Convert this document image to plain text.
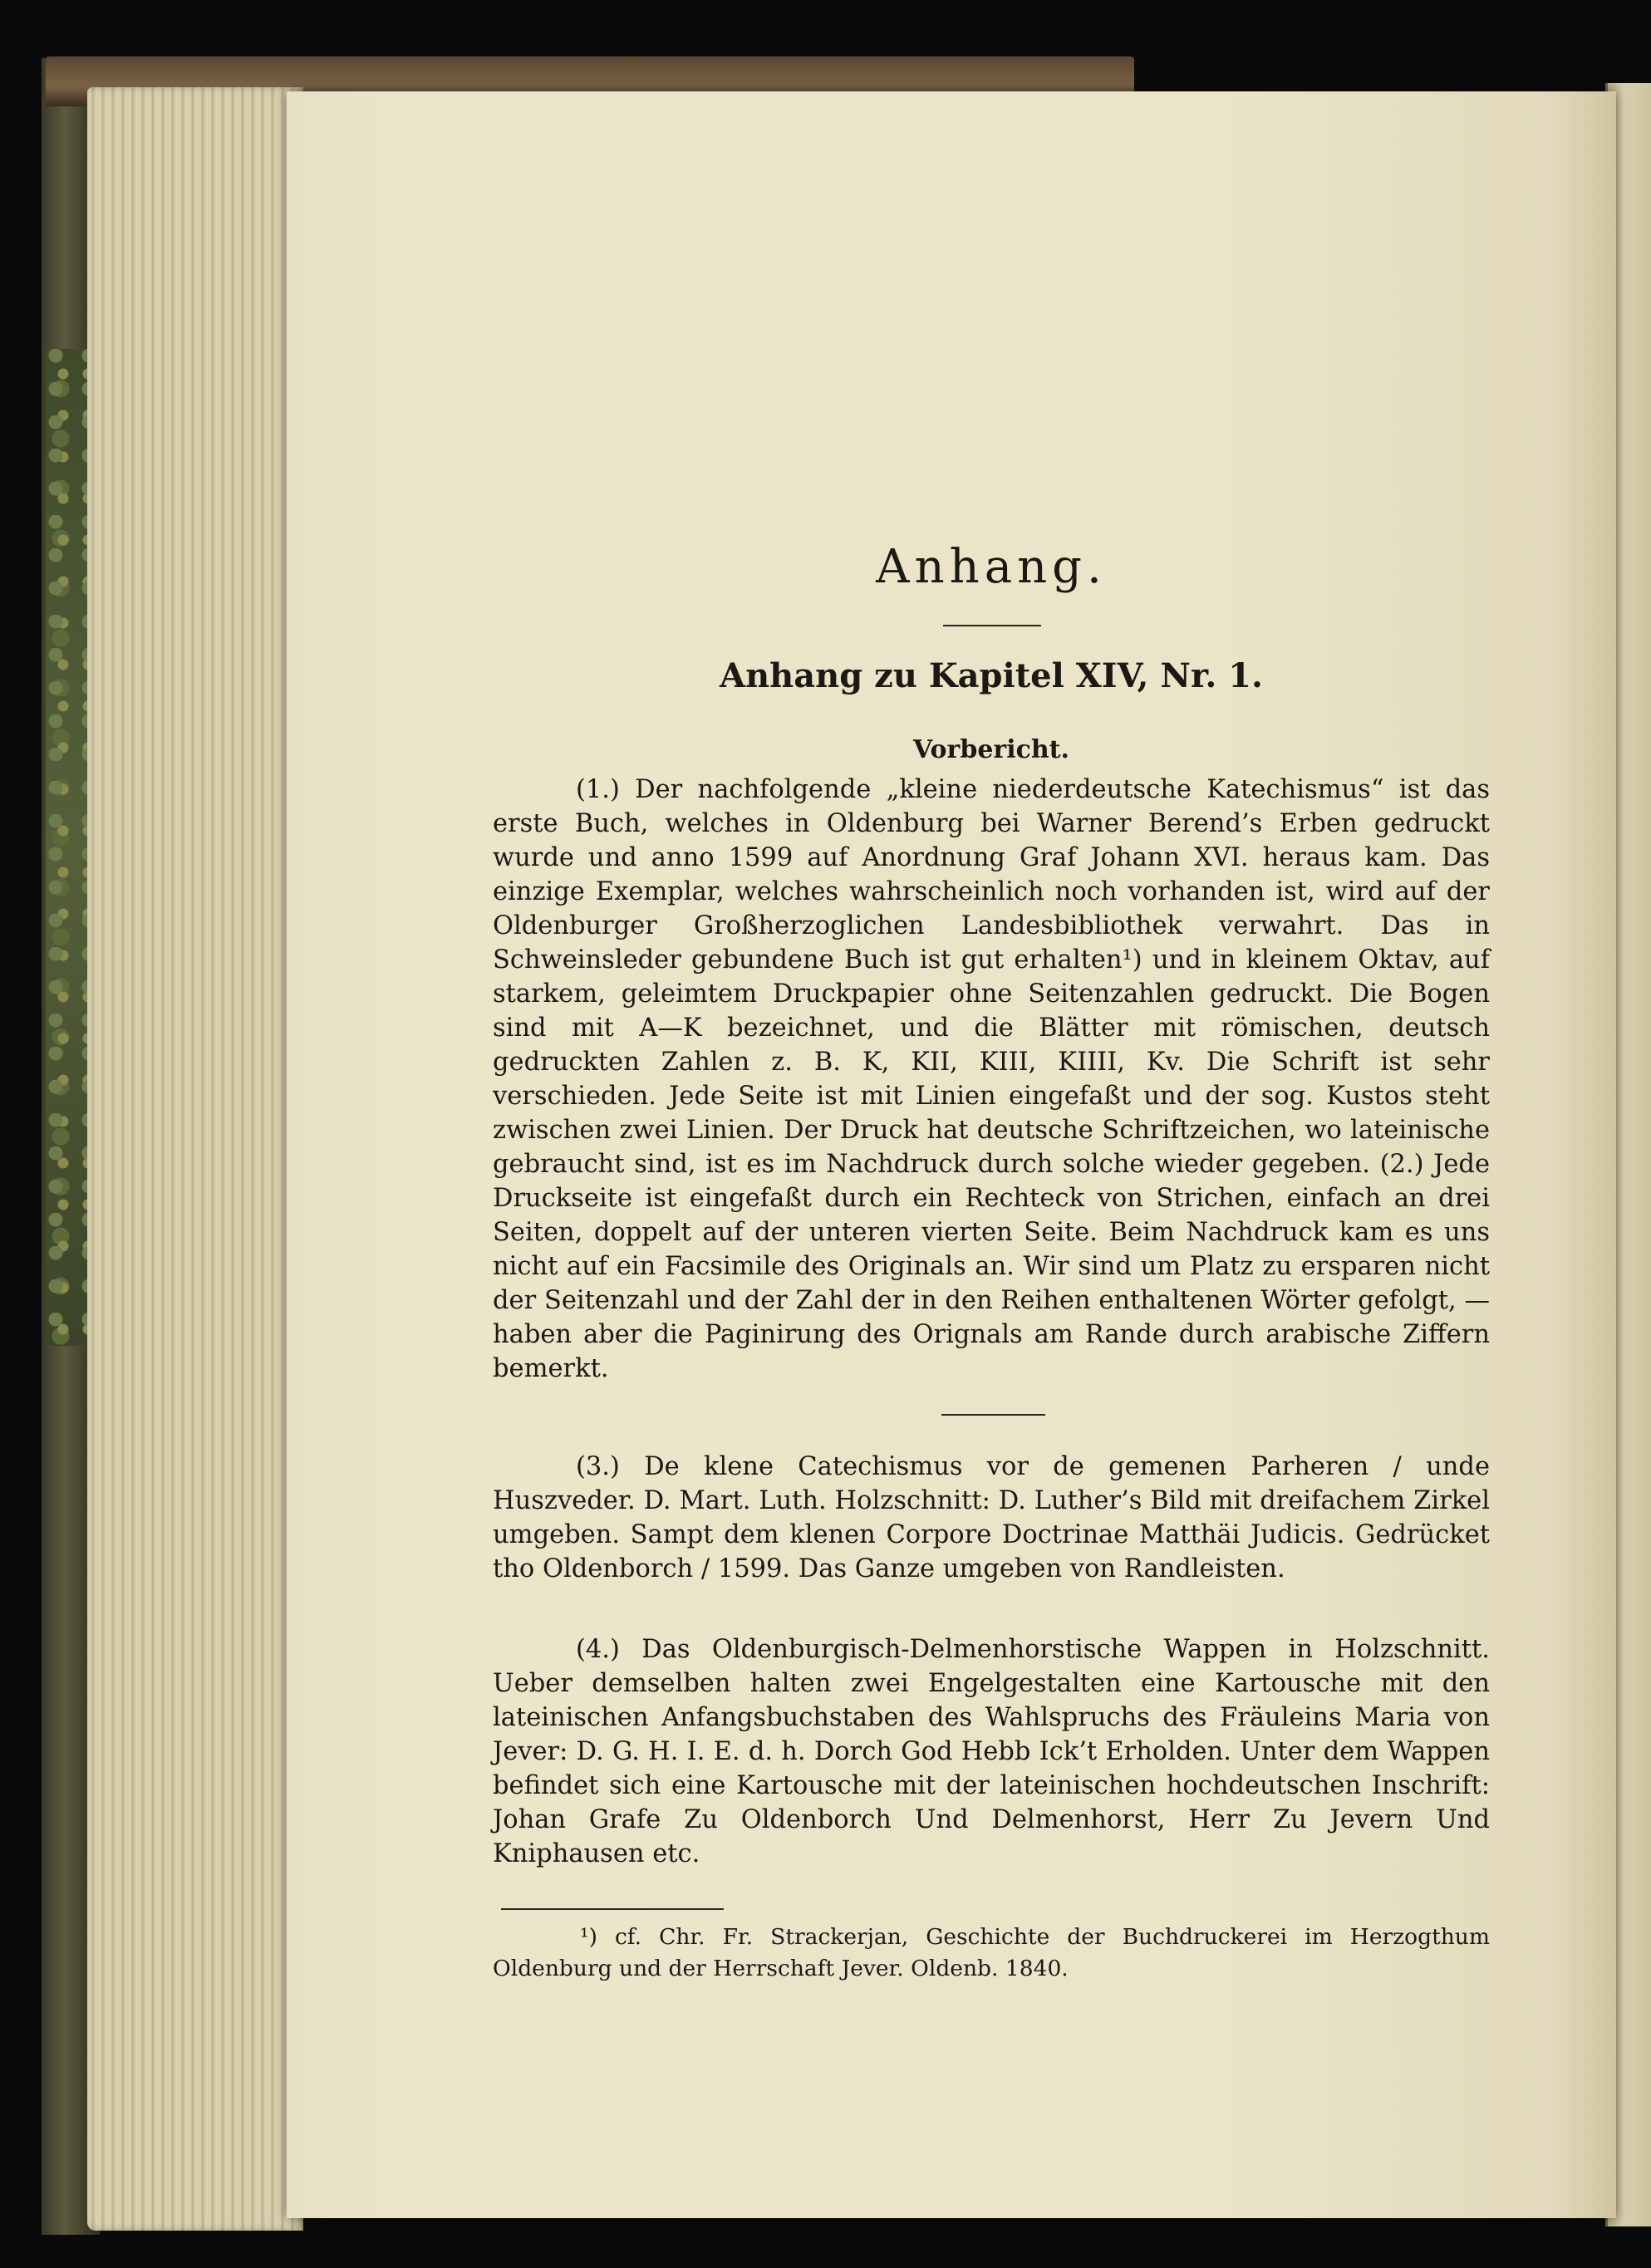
Anhang.
Anhang zu Kapitel XIV, Nr. 1.
Vorbericht.
(1.) Der nachfolgende „kleine niederdeutsche Katechismus“ ist das erste Buch, welches in Oldenburg bei Warner Berend’s Erben gedruckt wurde und anno 1599 auf Anordnung Graf Johann XVI. heraus kam. Das einzige Exemplar, welches wahrscheinlich noch vorhanden ist, wird auf der Oldenburger Großherzoglichen Landesbibliothek verwahrt. Das in Schweinsleder gebundene Buch ist gut erhalten¹) und in kleinem Oktav, auf starkem, geleimtem Druckpapier ohne Seitenzahlen gedruckt. Die Bogen sind mit A—K bezeichnet, und die Blätter mit römischen, deutsch gedruckten Zahlen z. B. K, KII, KIII, KIIII, Kv. Die Schrift ist sehr verschieden. Jede Seite ist mit Linien eingefaßt und der sog. Kustos steht zwischen zwei Linien. Der Druck hat deutsche Schriftzeichen, wo lateinische gebraucht sind, ist es im Nachdruck durch solche wieder gegeben. (2.) Jede Druckseite ist eingefaßt durch ein Rechteck von Strichen, einfach an drei Seiten, doppelt auf der unteren vierten Seite. Beim Nachdruck kam es uns nicht auf ein Facsimile des Originals an. Wir sind um Platz zu ersparen nicht der Seitenzahl und der Zahl der in den Reihen enthaltenen Wörter gefolgt, — haben aber die Paginirung des Orignals am Rande durch arabische Ziffern bemerkt.
(3.) De klene Catechismus vor de gemenen Parheren / unde Huszveder. D. Mart. Luth. Holzschnitt: D. Luther’s Bild mit dreifachem Zirkel umgeben. Sampt dem klenen Corpore Doctrinae Matthäi Judicis. Gedrücket tho Oldenborch / 1599. Das Ganze umgeben von Randleisten.
(4.) Das Oldenburgisch-Delmenhorstische Wappen in Holzschnitt. Ueber demselben halten zwei Engelgestalten eine Kartousche mit den lateinischen Anfangsbuchstaben des Wahlspruchs des Fräuleins Maria von Jever: D. G. H. I. E. d. h. Dorch God Hebb Ick’t Erholden. Unter dem Wappen befindet sich eine Kartousche mit der lateinischen hochdeutschen Inschrift: Johan Grafe Zu Oldenborch Und Delmenhorst, Herr Zu Jevern Und Kniphausen etc.
¹) cf. Chr. Fr. Strackerjan, Geschichte der Buchdruckerei im Herzogthum Oldenburg und der Herrschaft Jever. Oldenb. 1840.
